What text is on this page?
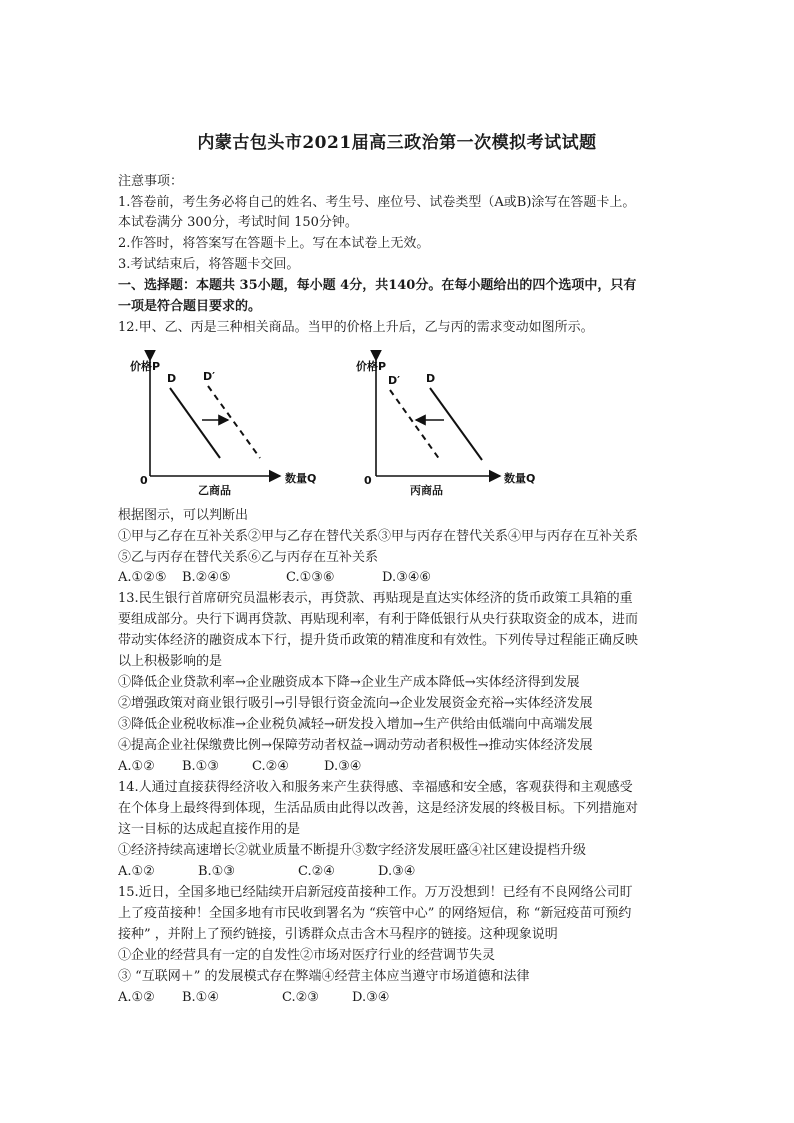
内蒙古包头市2021届高三政治第一次模拟考试试题
注意事项：
1.答卷前，考生务必将自己的姓名、考生号、座位号、试卷类型（A或B)涂写在答题卡上。
本试卷满分 300分，考试时间 150分钟。
2.作答时，将答案写在答题卡上。写在本试卷上无效。
3.考试结束后，将答题卡交回。
一、选择题：本题共 35小题，每小题 4分，共140分。在每小题给出的四个选项中，只有
一项是符合题目要求的。
12.甲、乙、丙是三种相关商品。当甲的价格上升后，乙与丙的需求变动如图所示。
价格P
数量Q
0
D D′
乙商品
价格P
数量Q
0
D′ D
丙商品
根据图示，可以判断出
①甲与乙存在互补关系②甲与乙存在替代关系③甲与丙存在替代关系④甲与丙存在互补关系
⑤乙与丙存在替代关系⑥乙与丙存在互补关系
A.①②⑤ B.②④⑤	C.①③⑥	D.③④⑥
13.民生银行首席研究员温彬表示，再贷款、再贴现是直达实体经济的货币政策工具箱的重
要组成部分。央行下调再贷款、再贴现利率，有利于降低银行从央行获取资金的成本，进而
带动实体经济的融资成本下行，提升货币政策的精准度和有效性。下列传导过程能正确反映
以上积极影响的是
①降低企业贷款利率→企业融资成本下降→企业生产成本降低→实体经济得到发展
②增强政策对商业银行吸引→引导银行资金流向→企业发展资金充裕→实体经济发展
③降低企业税收标准→企业税负减轻→研发投入增加→生产供给由低端向中高端发展
④提高企业社保缴费比例→保障劳动者权益→调动劳动者积极性→推动实体经济发展
A.①② B.①③	C.②④	D.③④
14.人通过直接获得经济收入和服务来产生获得感、幸福感和安全感，客观获得和主观感受
在个体身上最终得到体现，生活品质由此得以改善，这是经济发展的终极目标。下列措施对
这一目标的达成起直接作用的是
①经济持续高速增长②就业质量不断提升③数字经济发展旺盛④社区建设提档升级
A.①②	B.①③	C.②④	D.③④
15.近日，全国多地已经陆续开启新冠疫苗接种工作。万万没想到！已经有不良网络公司盯
上了疫苗接种！全国多地有市民收到署名为 “疾管中心” 的网络短信，称 “新冠疫苗可预约
接种” ，并附上了预约链接，引诱群众点击含木马程序的链接。这种现象说明
①企业的经营具有一定的自发性②市场对医疗行业的经营调节失灵
③ “互联网＋” 的发展模式存在弊端④经营主体应当遵守市场道德和法律
A.①② B.①④	C.②③	D.③④
